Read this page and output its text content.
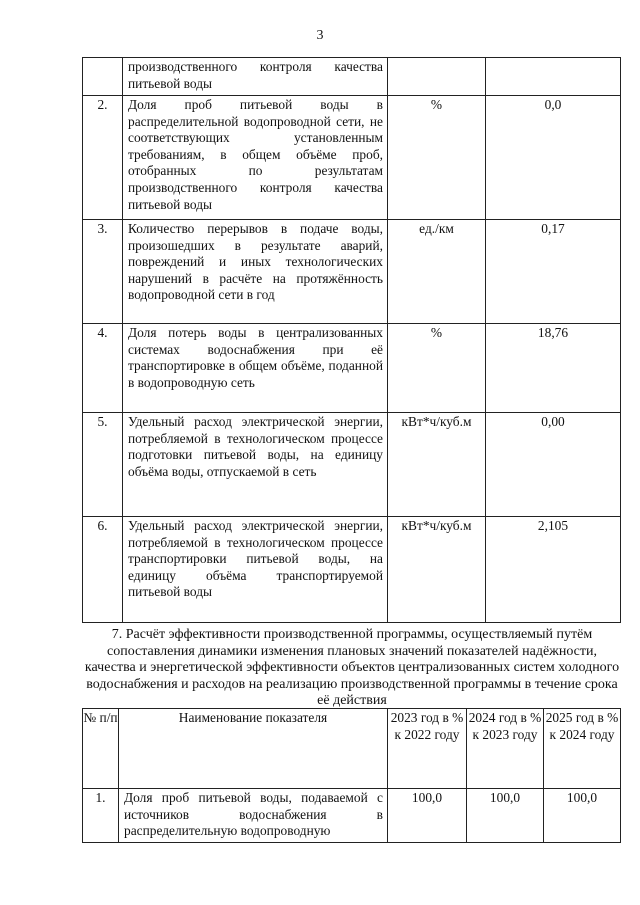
3
	производственного контроля качества питьевой воды		
2.	Доля проб питьевой воды в распределительной водопроводной сети, не соответствующих установленным требованиям, в общем объёме проб, отобранных по результатам производственного контроля качества питьевой воды	%	0,0
3.	Количество перерывов в подаче воды, произошедших в результате аварий, повреждений и иных технологических нарушений в расчёте на протяжённость водопроводной сети в год	ед./км	0,17
4.	Доля потерь воды в централизованных системах водоснабжения при её транспортировке в общем объёме, поданной в водопроводную сеть	%	18,76
5.	Удельный расход электрической энергии, потребляемой в технологическом процессе подготовки питьевой воды, на единицу объёма воды, отпускаемой в сеть	кВт*ч/куб.м	0,00
6.	Удельный расход электрической энергии, потребляемой в технологическом процессе транспортировки питьевой воды, на единицу объёма транспортируемой питьевой воды	кВт*ч/куб.м	2,105
7. Расчёт эффективности производственной программы, осуществляемый путём сопоставления динамики изменения плановых значений показателей надёжности, качества и энергетической эффективности объектов централизованных систем холодного водоснабжения и расходов на реализацию производственной программы в течение срока её действия
№ п/п	Наименование показателя	2023 год в % к 2022 году	2024 год в % к 2023 году	2025 год в % к 2024 году
1.	Доля проб питьевой воды, подаваемой с источников водоснабжения в распределительную водопроводную	100,0	100,0	100,0
